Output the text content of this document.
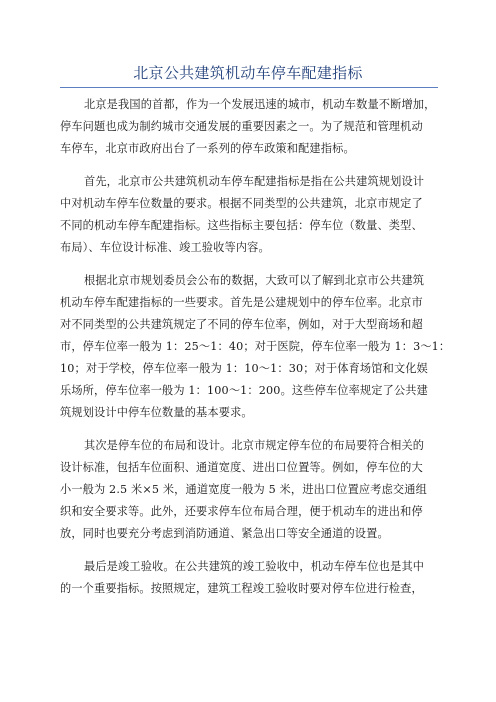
北京公共建筑机动车停车配建指标
北京是我国的首都，作为一个发展迅速的城市，机动车数量不断增加，
停车问题也成为制约城市交通发展的重要因素之一。为了规范和管理机动
车停车，北京市政府出台了一系列的停车政策和配建指标。
首先，北京市公共建筑机动车停车配建指标是指在公共建筑规划设计
中对机动车停车位数量的要求。根据不同类型的公共建筑，北京市规定了
不同的机动车停车配建指标。这些指标主要包括：停车位（数量、类型、
布局）、车位设计标准、竣工验收等内容。
根据北京市规划委员会公布的数据，大致可以了解到北京市公共建筑
机动车停车配建指标的一些要求。首先是公建规划中的停车位率。北京市
对不同类型的公共建筑规定了不同的停车位率，例如，对于大型商场和超
市，停车位率一般为 1：25～1：40；对于医院，停车位率一般为 1：3～1：
10；对于学校，停车位率一般为 1：10～1：30；对于体育场馆和文化娱
乐场所，停车位率一般为 1：100～1：200。这些停车位率规定了公共建
筑规划设计中停车位数量的基本要求。
其次是停车位的布局和设计。北京市规定停车位的布局要符合相关的
设计标准，包括车位面积、通道宽度、进出口位置等。例如，停车位的大
小一般为 2.5 米×5 米，通道宽度一般为 5 米，进出口位置应考虑交通组
织和安全要求等。此外，还要求停车位布局合理，便于机动车的进出和停
放，同时也要充分考虑到消防通道、紧急出口等安全通道的设置。
最后是竣工验收。在公共建筑的竣工验收中，机动车停车位也是其中
的一个重要指标。按照规定，建筑工程竣工验收时要对停车位进行检查，
